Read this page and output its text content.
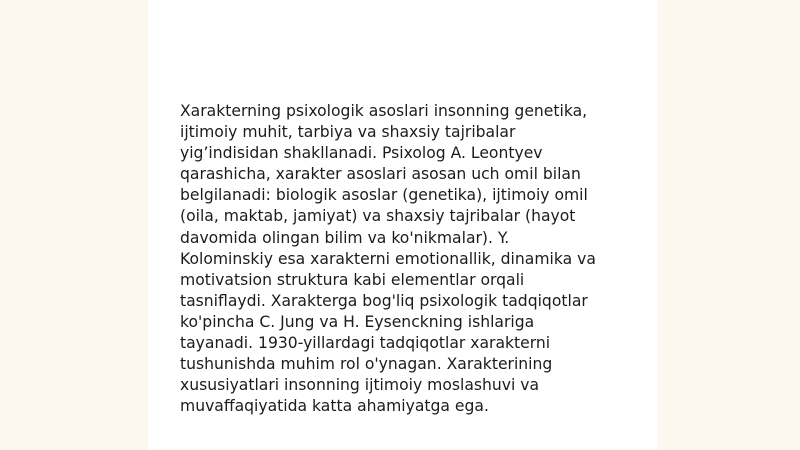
Xarakterning psixologik asoslari insonning genetika,
ijtimoiy muhit, tarbiya va shaxsiy tajribalar
yig’indisidan shakllanadi. Psixolog A. Leontyev
qarashicha, xarakter asoslari asosan uch omil bilan
belgilanadi: biologik asoslar (genetika), ijtimoiy omil
(oila, maktab, jamiyat) va shaxsiy tajribalar (hayot
davomida olingan bilim va ko'nikmalar). Y.
Kolominskiy esa xarakterni emotionallik, dinamika va
motivatsion struktura kabi elementlar orqali
tasniflaydi. Xarakterga bog'liq psixologik tadqiqotlar
ko'pincha C. Jung va H. Eysenckning ishlariga
tayanadi. 1930-yillardagi tadqiqotlar xarakterni
tushunishda muhim rol o'ynagan. Xarakterining
xususiyatlari insonning ijtimoiy moslashuvi va
muvaffaqiyatida katta ahamiyatga ega.
